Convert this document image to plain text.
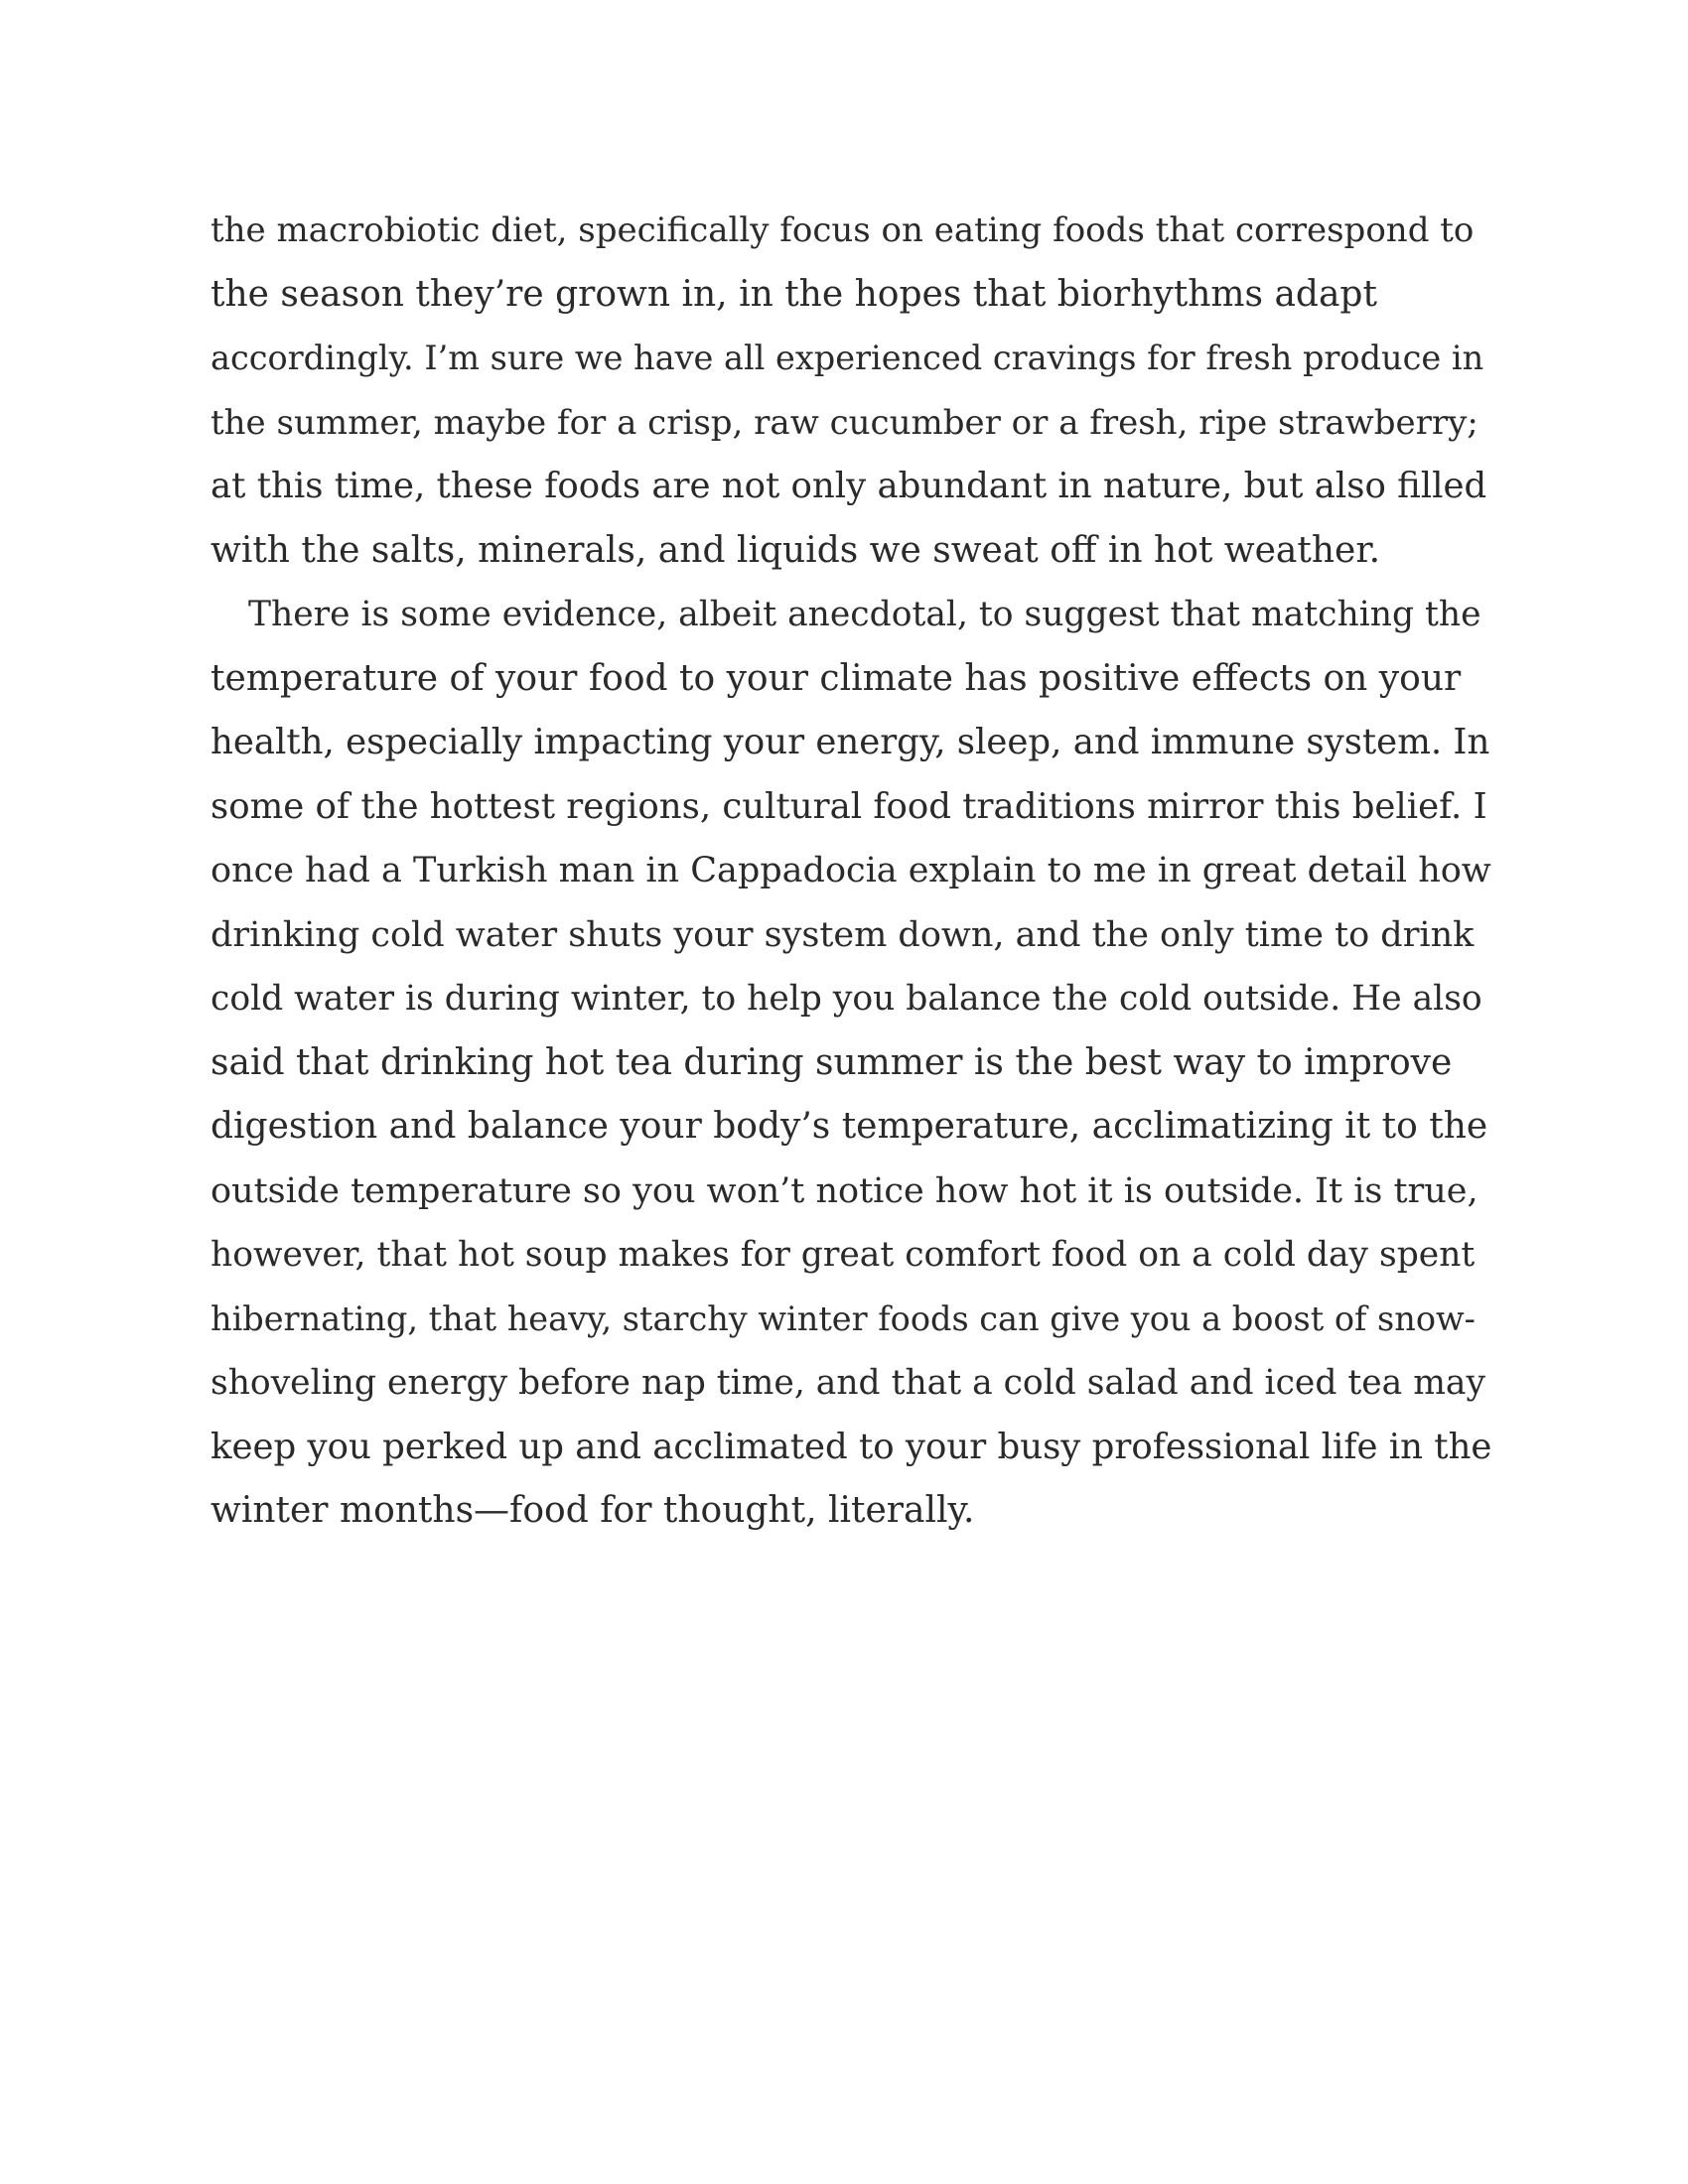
the macrobiotic diet, specifically focus on eating foods that correspond to
the season they’re grown in, in the hopes that biorhythms adapt
accordingly. I’m sure we have all experienced cravings for fresh produce in
the summer, maybe for a crisp, raw cucumber or a fresh, ripe strawberry;
at this time, these foods are not only abundant in nature, but also filled
with the salts, minerals, and liquids we sweat off in hot weather.

There is some evidence, albeit anecdotal, to suggest that matching the
temperature of your food to your climate has positive effects on your
health, especially impacting your energy, sleep, and immune system. In
some of the hottest regions, cultural food traditions mirror this belief. I
once had a Turkish man in Cappadocia explain to me in great detail how
drinking cold water shuts your system down, and the only time to drink
cold water is during winter, to help you balance the cold outside. He also
said that drinking hot tea during summer is the best way to improve
digestion and balance your body’s temperature, acclimatizing it to the
outside temperature so you won’t notice how hot it is outside. It is true,
however, that hot soup makes for great comfort food on a cold day spent
hibernating, that heavy, starchy winter foods can give you a boost of snow-
shoveling energy before nap time, and that a cold salad and iced tea may
keep you perked up and acclimated to your busy professional life in the
winter months—food for thought, literally.
